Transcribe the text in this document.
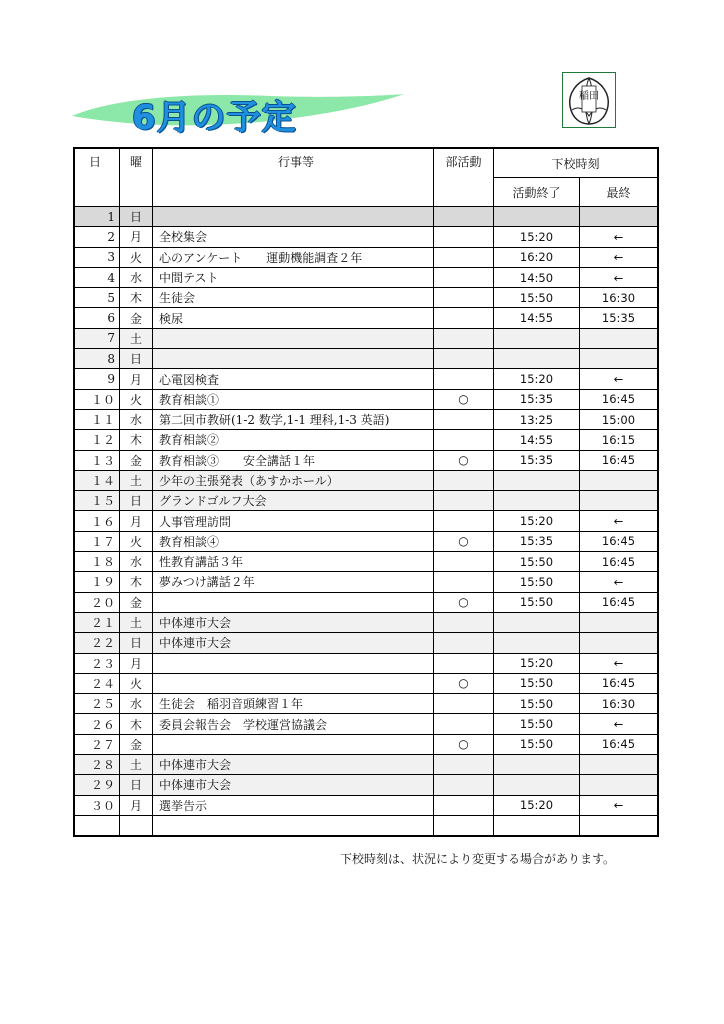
6月の予定
稲田
日	曜	行事等	部活動	下校時刻	
				活動終了	最終
1	日				
2	月	全校集会		15:20	←
3	火	心のアンケート　　運動機能調査２年		16:20	←
4	水	中間テスト		14:50	←
5	木	生徒会		15:50	16:30
6	金	検尿		14:55	15:35
7	土				
8	日				
9	月	心電図検査		15:20	←
１０	火	教育相談①	○	15:35	16:45
１１	水	第二回市教研(1-2 数学,1-1 理科,1-3 英語)		13:25	15:00
１２	木	教育相談②		14:55	16:15
１３	金	教育相談③　　安全講話１年	○	15:35	16:45
１４	土	少年の主張発表（あすかホール）			
１５	日	グランドゴルフ大会			
１６	月	人事管理訪問		15:20	←
１７	火	教育相談④	○	15:35	16:45
１８	水	性教育講話３年		15:50	16:45
１９	木	夢みつけ講話２年		15:50	←
２０	金		○	15:50	16:45
２１	土	中体連市大会			
２２	日	中体連市大会			
２３	月			15:20	←
２４	火		○	15:50	16:45
２５	水	生徒会　稲羽音頭練習１年		15:50	16:30
２６	木	委員会報告会　学校運営協議会		15:50	←
２７	金		○	15:50	16:45
２８	土	中体連市大会			
２９	日	中体連市大会			
３０	月	選挙告示		15:20	←

下校時刻は、状況により変更する場合があります。
